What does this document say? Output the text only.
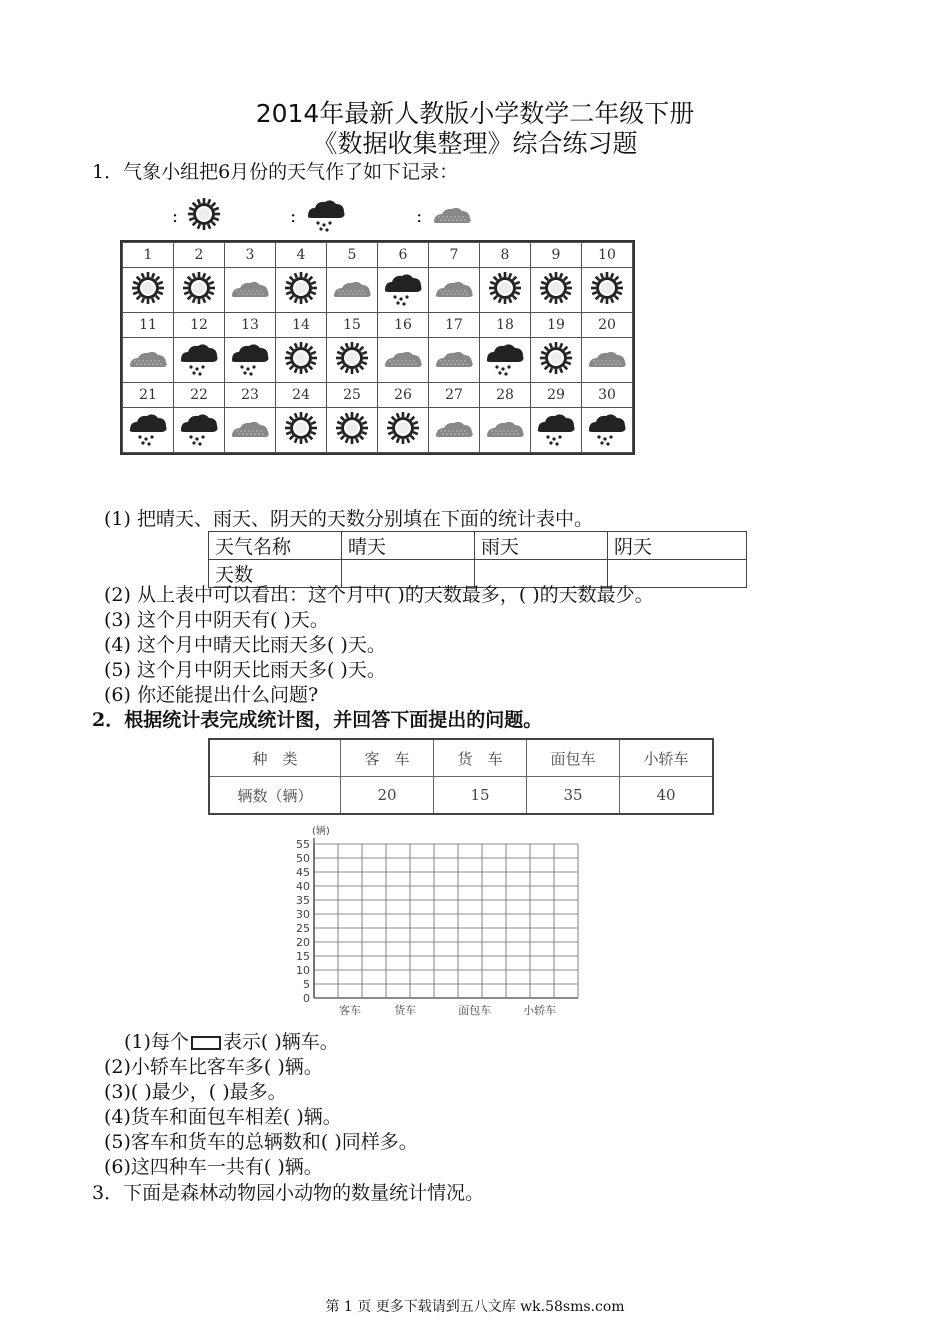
2014年最新人教版小学数学二年级下册
《数据收集整理》综合练习题
1．气象小组把6月份的天气作了如下记录：
:	:	:
1	2	3	4	5	6	7	8	9	10

11	12	13	14	15	16	17	18	19	20

21	22	23	24	25	26	27	28	29	30

(1) 把晴天、雨天、阴天的天数分别填在下面的统计表中。
天气名称	晴天	雨天	阴天
天数			
(2) 从上表中可以看出：这个月中( )的天数最多，( )的天数最少。
(3) 这个月中阴天有( )天。
(4) 这个月中晴天比雨天多( )天。
(5) 这个月中阴天比雨天多( )天。
(6) 你还能提出什么问题?
2．根据统计表完成统计图，并回答下面提出的问题。
种　类	客　车	货　车	面包车	小轿车
辆数（辆）	20	15	35	40
(辆)
0
5
10
15
20
25
30
35
40
45
50
55
客车	货车	面包车	小轿车
(1)每个 表示( )辆车。
(2)小轿车比客车多( )辆。
(3)( )最少，( )最多。
(4)货车和面包车相差( )辆。
(5)客车和货车的总辆数和( )同样多。
(6)这四种车一共有( )辆。
3．下面是森林动物园小动物的数量统计情况。
第 1 页 更多下载请到五八文库 wk.58sms.com
